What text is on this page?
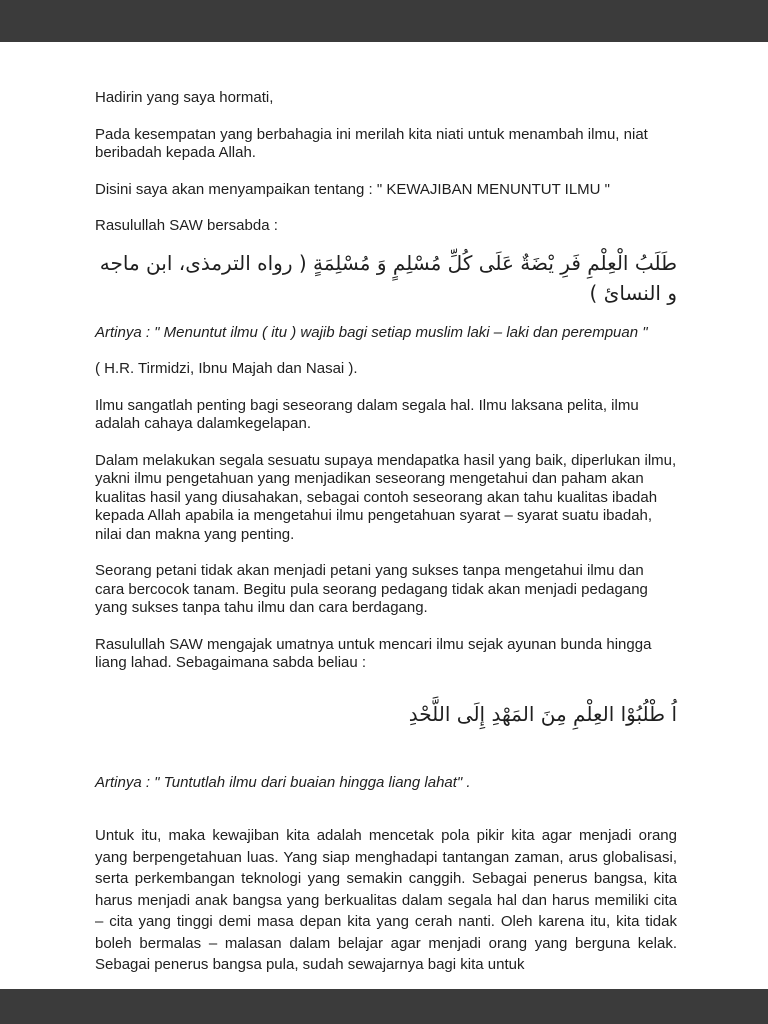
Hadirin yang saya hormati,

Pada kesempatan yang berbahagia ini merilah kita niati untuk menambah ilmu, niat beribadah kepada Allah.

Disini saya akan menyampaikan tentang : " KEWAJIBAN MENUNTUT ILMU "

Rasulullah SAW bersabda :

طَلَبُ الْعِلْمِ فَرِ يْضَةٌ عَلَى كُلِّ مُسْلِمٍ وَ مُسْلِمَةٍ ( رواه الترمذى، ابن ماجه و النسائ )

Artinya : " Menuntut ilmu ( itu ) wajib bagi setiap muslim laki – laki dan perempuan "

( H.R. Tirmidzi, Ibnu Majah dan Nasai ).

Ilmu sangatlah penting bagi seseorang dalam segala hal. Ilmu laksana pelita, ilmu adalah cahaya dalamkegelapan.

Dalam melakukan segala sesuatu supaya mendapatka hasil yang baik, diperlukan ilmu, yakni ilmu pengetahuan yang menjadikan seseorang mengetahui dan paham akan kualitas hasil yang diusahakan, sebagai contoh seseorang akan tahu kualitas ibadah kepada Allah apabila ia mengetahui ilmu pengetahuan syarat – syarat suatu ibadah, nilai dan makna yang penting.

Seorang petani tidak akan menjadi petani yang sukses tanpa mengetahui ilmu dan cara bercocok tanam. Begitu pula seorang pedagang tidak akan menjadi pedagang yang sukses tanpa tahu ilmu dan cara berdagang.

Rasulullah SAW mengajak umatnya untuk mencari ilmu sejak ayunan bunda hingga liang lahad. Sebagaimana sabda beliau :

اُ طْلُبُوْا العِلْمِ مِنَ المَهْدِ إِلَى اللَّحْدِ

Artinya : " Tuntutlah ilmu dari buaian hingga liang lahat" .

Untuk itu, maka kewajiban kita adalah mencetak pola pikir kita agar menjadi orang yang berpengetahuan luas. Yang siap menghadapi tantangan zaman, arus globalisasi, serta perkembangan teknologi yang semakin canggih. Sebagai penerus bangsa, kita harus menjadi anak bangsa yang berkualitas dalam segala hal dan harus memiliki cita – cita yang tinggi demi masa depan kita yang cerah nanti. Oleh karena itu, kita tidak boleh bermalas – malasan dalam belajar agar menjadi orang yang berguna kelak. Sebagai penerus bangsa pula, sudah sewajarnya bagi kita untuk
